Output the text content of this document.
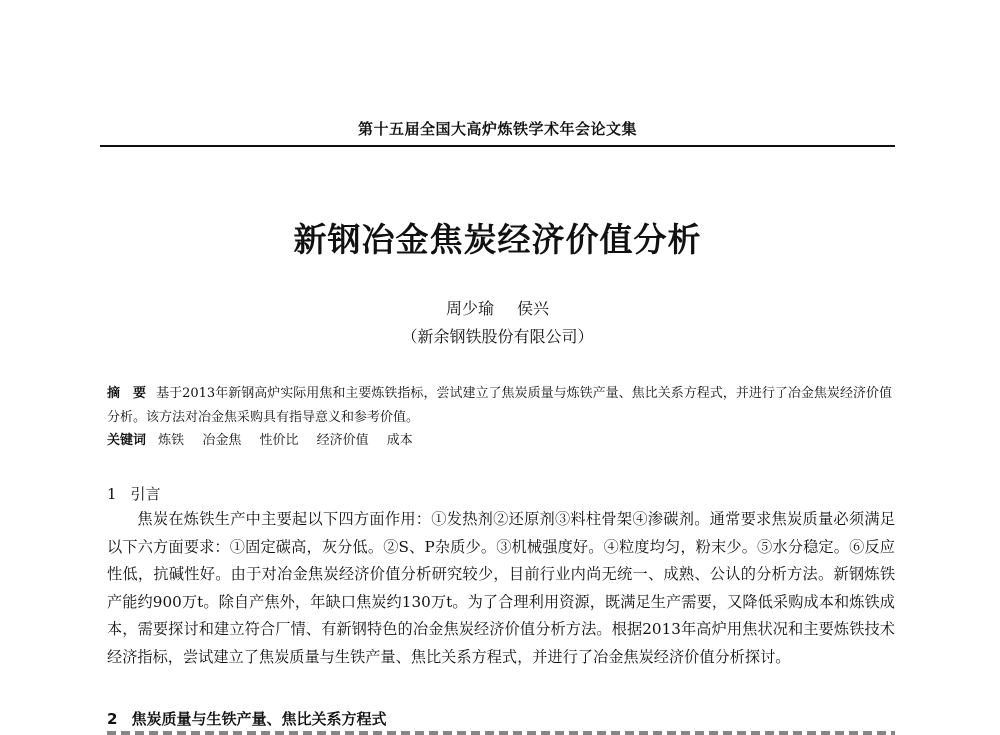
第十五届全国大高炉炼铁学术年会论文集
新钢冶金焦炭经济价值分析
周少瑜 侯兴
（新余钢铁股份有限公司）
摘　要 基于2013年新钢高炉实际用焦和主要炼铁指标，尝试建立了焦炭质量与炼铁产量、焦比关系方程式，并进行了冶金焦炭经济价值分析。该方法对冶金焦采购具有指导意义和参考价值。
关键词 炼铁 冶金焦 性价比 经济价值 成本
1 引言

焦炭在炼铁生产中主要起以下四方面作用：①发热剂②还原剂③料柱骨架④渗碳剂。通常要求焦炭质量必须满足以下六方面要求：①固定碳高，灰分低。②S、P杂质少。③机械强度好。④粒度均匀，粉末少。⑤水分稳定。⑥反应性低，抗碱性好。由于对冶金焦炭经济价值分析研究较少，目前行业内尚无统一、成熟、公认的分析方法。新钢炼铁产能约900万t。除自产焦外，年缺口焦炭约130万t。为了合理利用资源，既满足生产需要，又降低采购成本和炼铁成本，需要探讨和建立符合厂情、有新钢特色的冶金焦炭经济价值分析方法。根据2013年高炉用焦状况和主要炼铁技术经济指标，尝试建立了焦炭质量与生铁产量、焦比关系方程式，并进行了冶金焦炭经济价值分析探讨。

2 焦炭质量与生铁产量、焦比关系方程式
